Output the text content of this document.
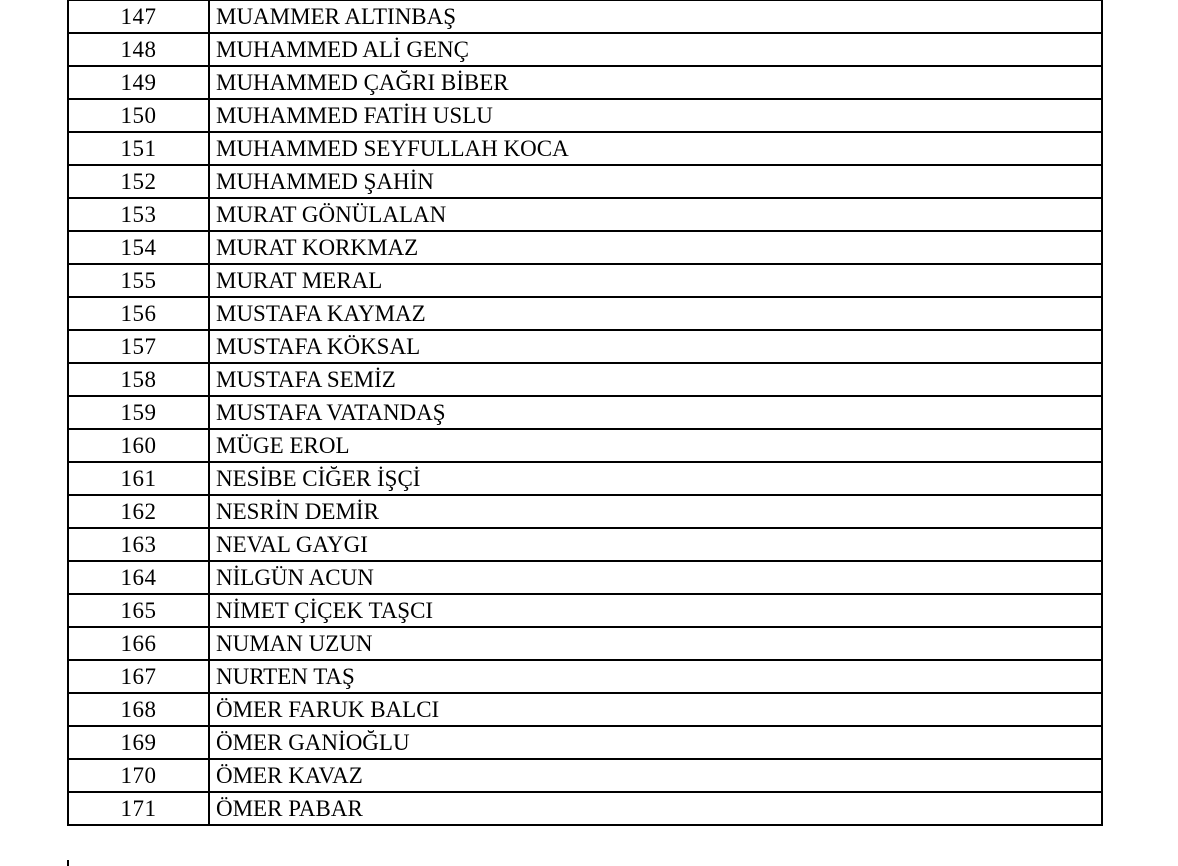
147	MUAMMER ALTINBAŞ
148	MUHAMMED ALİ GENÇ
149	MUHAMMED ÇAĞRI BİBER
150	MUHAMMED FATİH USLU
151	MUHAMMED SEYFULLAH KOCA
152	MUHAMMED ŞAHİN
153	MURAT GÖNÜLALAN
154	MURAT KORKMAZ
155	MURAT MERAL
156	MUSTAFA KAYMAZ
157	MUSTAFA KÖKSAL
158	MUSTAFA SEMİZ
159	MUSTAFA VATANDAŞ
160	MÜGE EROL
161	NESİBE CİĞER İŞÇİ
162	NESRİN DEMİR
163	NEVAL GAYGI
164	NİLGÜN ACUN
165	NİMET ÇİÇEK TAŞCI
166	NUMAN UZUN
167	NURTEN TAŞ
168	ÖMER FARUK BALCI
169	ÖMER GANİOĞLU
170	ÖMER KAVAZ
171	ÖMER PABAR
